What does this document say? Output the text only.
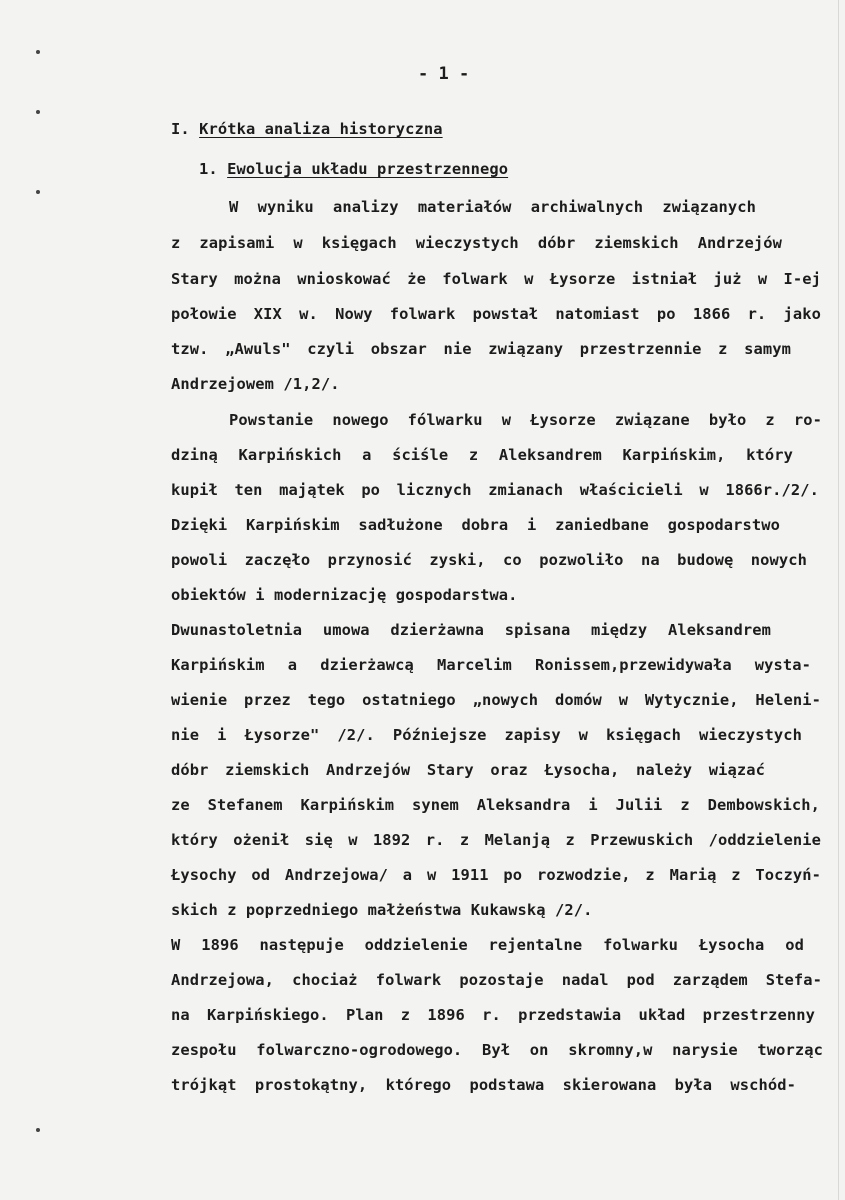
- 1 -
I. Krótka analiza historyczna
1. Ewolucja układu przestrzennego
W wyniku analizy materiałów archiwalnych związanych
z zapisami w księgach wieczystych dóbr ziemskich Andrzejów
Stary można wnioskować że folwark w Łysorze istniał już w I-ej
połowie XIX w. Nowy folwark powstał natomiast po 1866 r. jako
tzw. „Awuls" czyli obszar nie związany przestrzennie z samym
Andrzejowem /1,2/.
Powstanie nowego fólwarku w Łysorze związane było z ro-
dziną Karpińskich a ściśle z Aleksandrem Karpińskim, który
kupił ten majątek po licznych zmianach właścicieli w 1866r./2/.
Dzięki Karpińskim sadłużone dobra i zaniedbane gospodarstwo
powoli zaczęło przynosić zyski, co pozwoliło na budowę nowych
obiektów i modernizację gospodarstwa.
Dwunastoletnia umowa dzierżawna spisana między Aleksandrem
Karpińskim a dzierżawcą Marcelim Ronissem,przewidywała wysta-
wienie przez tego ostatniego „nowych domów w Wytycznie, Heleni-
nie i Łysorze" /2/. Późniejsze zapisy w księgach wieczystych
dóbr ziemskich Andrzejów Stary oraz Łysocha, należy wiązać
ze Stefanem Karpińskim synem Aleksandra i Julii z Dembowskich,
który ożenił się w 1892 r. z Melanją z Przewuskich /oddzielenie
Łysochy od Andrzejowa/ a w 1911 po rozwodzie, z Marią z Toczyń-
skich z poprzedniego małżeństwa Kukawską /2/.
W 1896 następuje oddzielenie rejentalne folwarku Łysocha od
Andrzejowa, chociaż folwark pozostaje nadal pod zarządem Stefa-
na Karpińskiego. Plan z 1896 r. przedstawia układ przestrzenny
zespołu folwarczno-ogrodowego. Był on skromny,w narysie tworząc
trójkąt prostokątny, którego podstawa skierowana była wschód-
